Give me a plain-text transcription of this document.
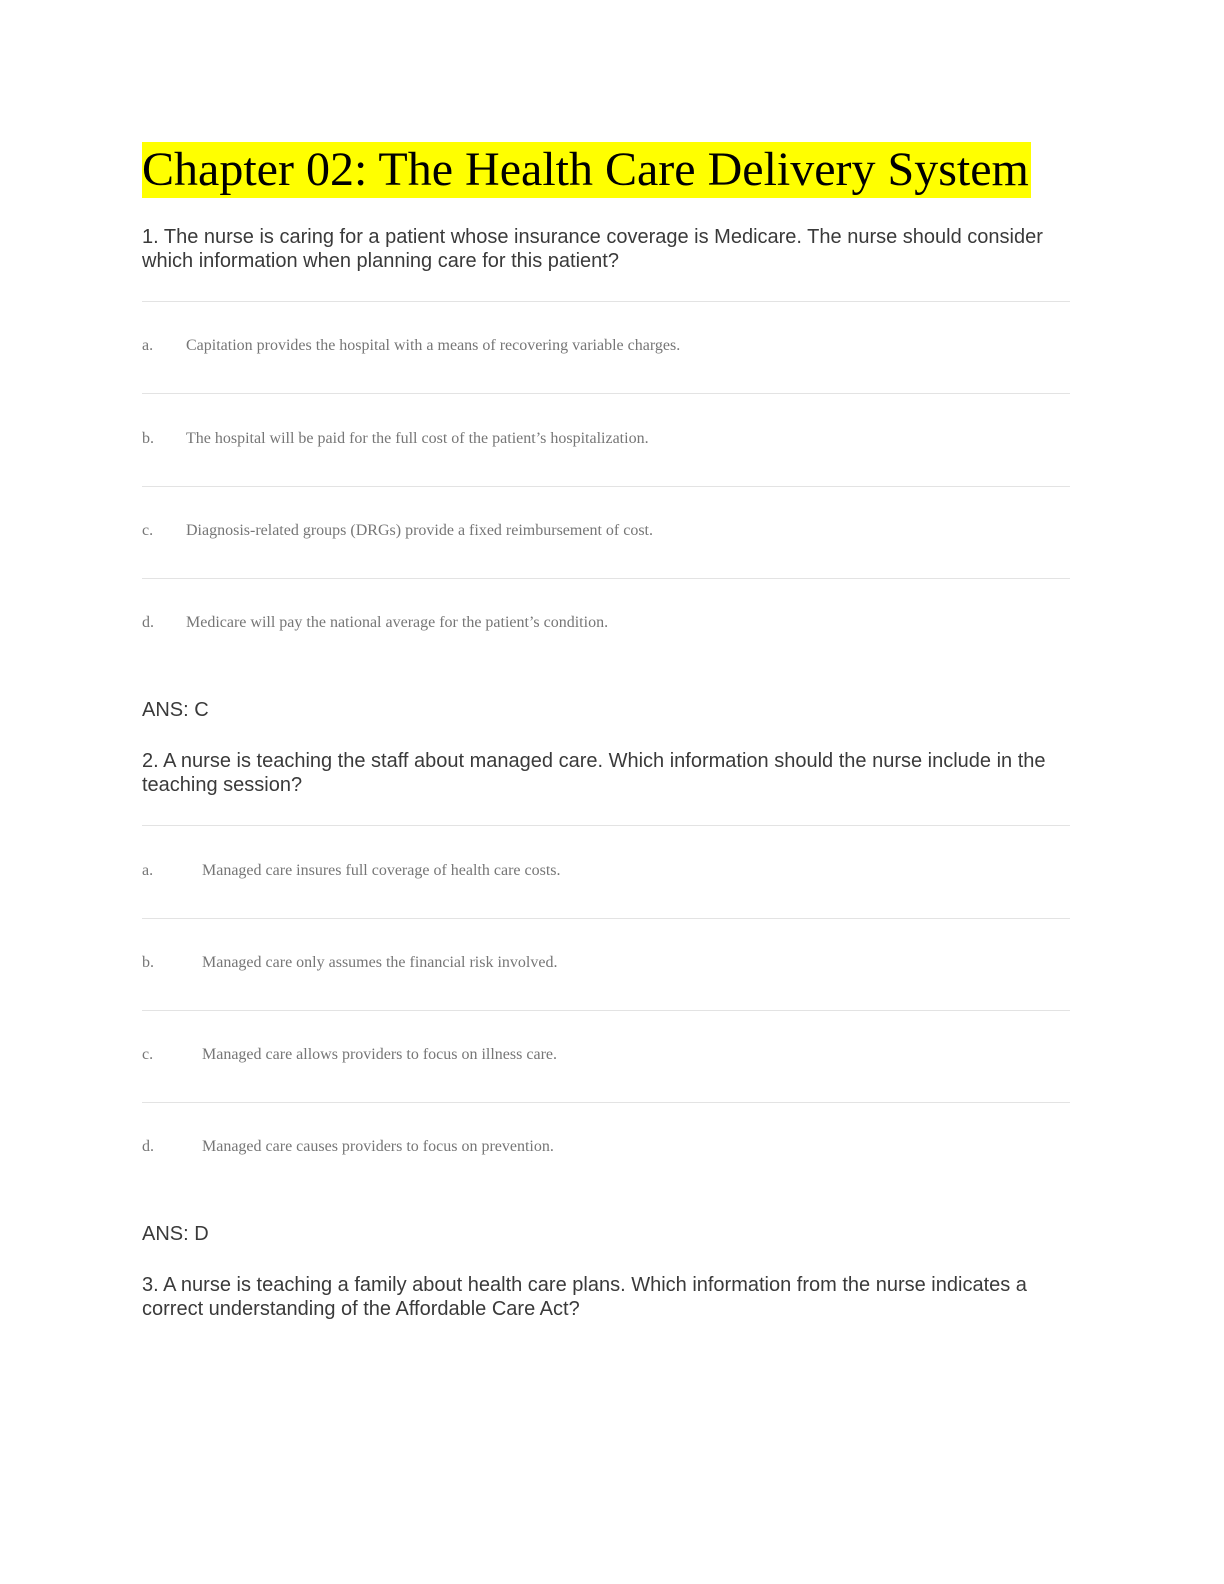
Chapter 02: The Health Care Delivery System
1. The nurse is caring for a patient whose insurance coverage is Medicare. The nurse should consider which information when planning care for this patient?
a. Capitation provides the hospital with a means of recovering variable charges.
b. The hospital will be paid for the full cost of the patient’s hospitalization.
c. Diagnosis-related groups (DRGs) provide a fixed reimbursement of cost.
d. Medicare will pay the national average for the patient’s condition.
ANS: C
2. A nurse is teaching the staff about managed care. Which information should the nurse include in the teaching session?
a.	Managed care insures full coverage of health care costs.
b.	Managed care only assumes the financial risk involved.
c.	Managed care allows providers to focus on illness care.
d.	Managed care causes providers to focus on prevention.
ANS: D
3. A nurse is teaching a family about health care plans. Which information from the nurse indicates a correct understanding of the Affordable Care Act?
